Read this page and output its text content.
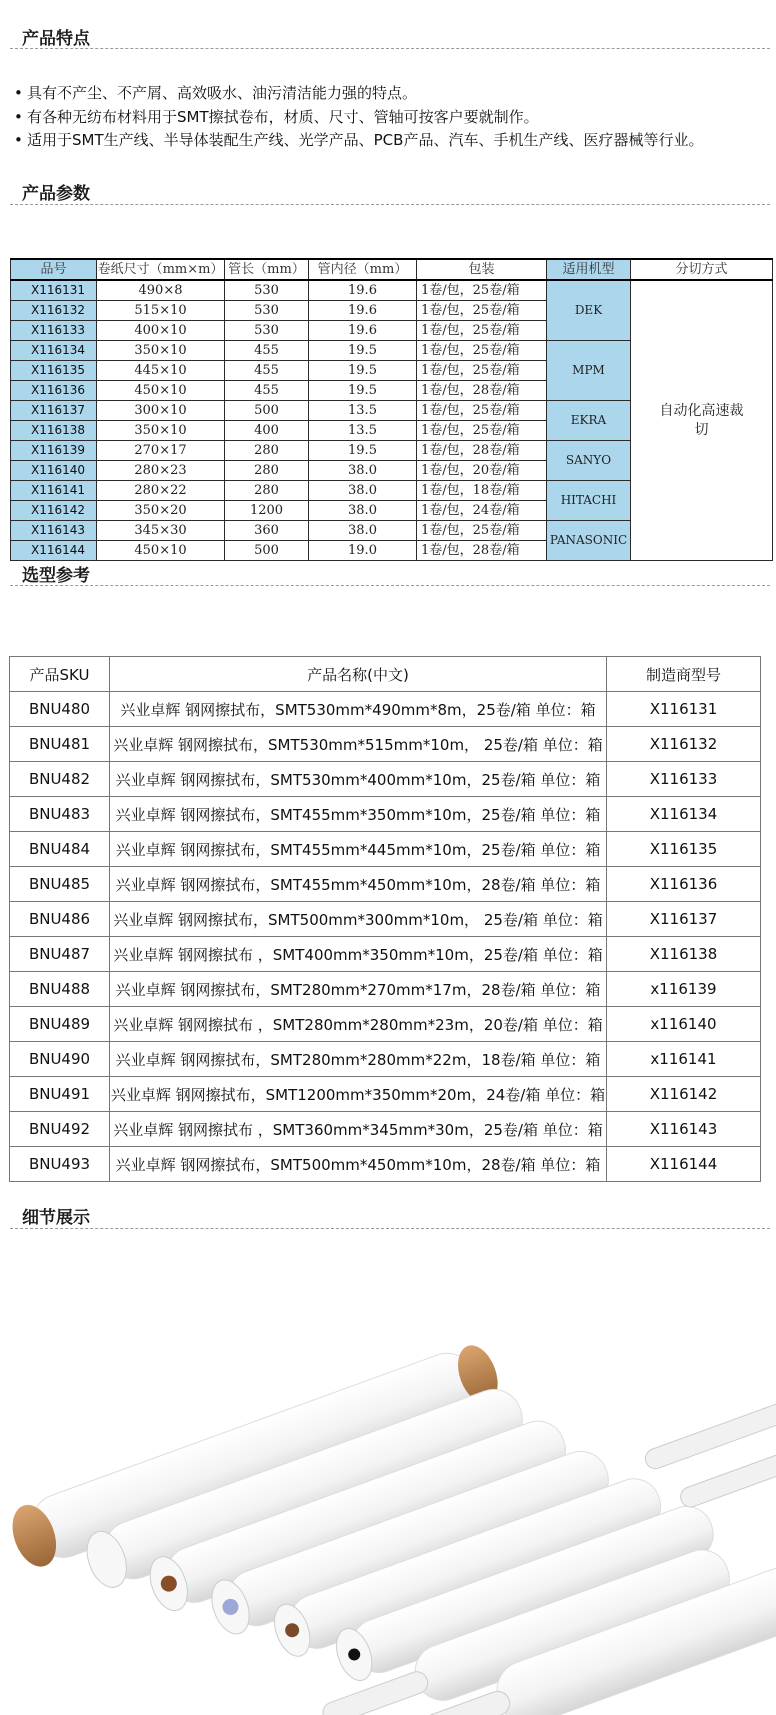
产品特点
• 具有不产尘、不产屑、高效吸水、油污清洁能力强的特点。
• 有各种无纺布材料用于SMT擦拭卷布，材质、尺寸、管轴可按客户要就制作。
• 适用于SMT生产线、半导体装配生产线、光学产品、PCB产品、汽车、手机生产线、医疗器械等行业。
产品参数
品号	卷纸尺寸（mm×m）	管长（mm）	管内径（mm）	包装	适用机型	分切方式
X116131	490×8	530	19.6	1卷/包，25卷/箱	DEK	自动化高速裁切
X116132	515×10	530	19.6	1卷/包，25卷/箱		
X116133	400×10	530	19.6	1卷/包，25卷/箱		
X116134	350×10	455	19.5	1卷/包，25卷/箱	MPM	
X116135	445×10	455	19.5	1卷/包，25卷/箱		
X116136	450×10	455	19.5	1卷/包，28卷/箱		
X116137	300×10	500	13.5	1卷/包，25卷/箱	EKRA	
X116138	350×10	400	13.5	1卷/包，25卷/箱		
X116139	270×17	280	19.5	1卷/包，28卷/箱	SANYO	
X116140	280×23	280	38.0	1卷/包，20卷/箱		
X116141	280×22	280	38.0	1卷/包，18卷/箱	HITACHI	
X116142	350×20	1200	38.0	1卷/包，24卷/箱		
X116143	345×30	360	38.0	1卷/包，25卷/箱	PANASONIC	
X116144	450×10	500	19.0	1卷/包，28卷/箱		
选型参考
产品SKU	产品名称(中文)	制造商型号
BNU480	兴业卓辉 钢网擦拭布，SMT530mm*490mm*8m，25卷/箱 单位：箱	X116131
BNU481	兴业卓辉 钢网擦拭布，SMT530mm*515mm*10m， 25卷/箱 单位：箱	X116132
BNU482	兴业卓辉 钢网擦拭布，SMT530mm*400mm*10m，25卷/箱 单位：箱	X116133
BNU483	兴业卓辉 钢网擦拭布，SMT455mm*350mm*10m，25卷/箱 单位：箱	X116134
BNU484	兴业卓辉 钢网擦拭布，SMT455mm*445mm*10m，25卷/箱 单位：箱	X116135
BNU485	兴业卓辉 钢网擦拭布，SMT455mm*450mm*10m，28卷/箱 单位：箱	X116136
BNU486	兴业卓辉 钢网擦拭布，SMT500mm*300mm*10m， 25卷/箱 单位：箱	X116137
BNU487	兴业卓辉 钢网擦拭布 ，SMT400mm*350mm*10m，25卷/箱 单位：箱	X116138
BNU488	兴业卓辉 钢网擦拭布，SMT280mm*270mm*17m，28卷/箱 单位：箱	x116139
BNU489	兴业卓辉 钢网擦拭布 ，SMT280mm*280mm*23m，20卷/箱 单位：箱	x116140
BNU490	兴业卓辉 钢网擦拭布，SMT280mm*280mm*22m，18卷/箱 单位：箱	x116141
BNU491	兴业卓辉 钢网擦拭布，SMT1200mm*350mm*20m，24卷/箱 单位：箱	X116142
BNU492	兴业卓辉 钢网擦拭布 ，SMT360mm*345mm*30m，25卷/箱 单位：箱	X116143
BNU493	兴业卓辉 钢网擦拭布，SMT500mm*450mm*10m，28卷/箱 单位：箱	X116144
细节展示
